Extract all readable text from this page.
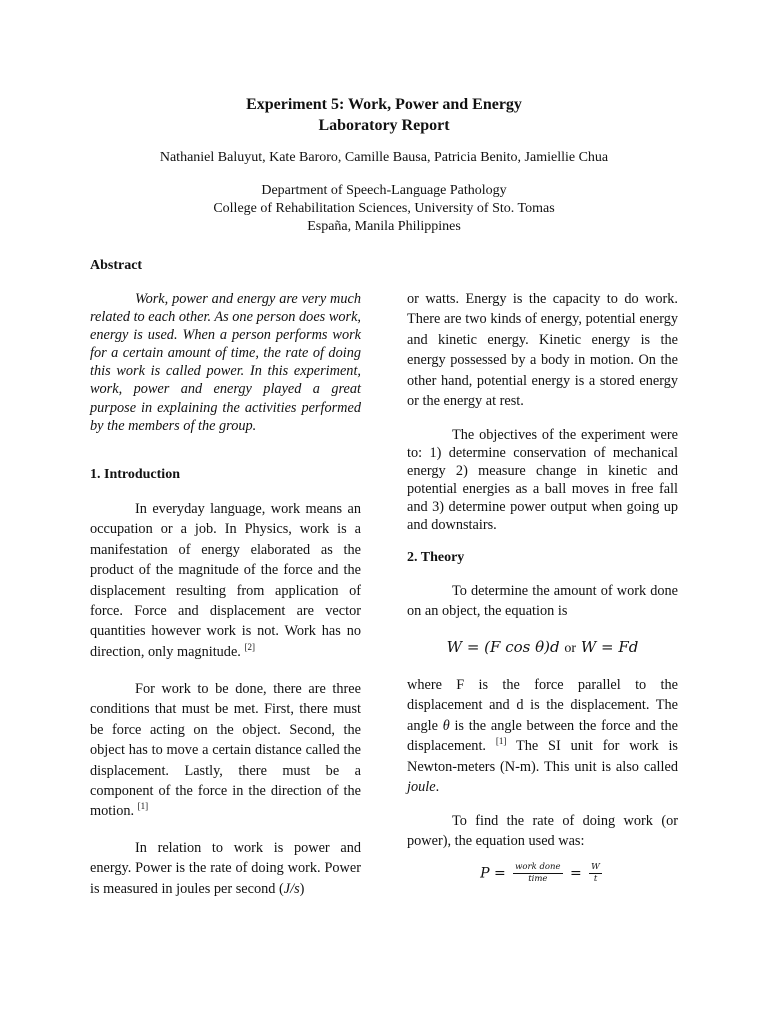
Experiment 5: Work, Power and Energy
Laboratory Report
Nathaniel Baluyut, Kate Baroro, Camille Bausa, Patricia Benito, Jamiellie Chua
Department of Speech-Language Pathology
College of Rehabilitation Sciences, University of Sto. Tomas
España, Manila Philippines
Abstract
Work, power and energy are very much related to each other. As one person does work, energy is used. When a person performs work for a certain amount of time, the rate of doing this work is called power. In this experiment, work, power and energy played a great purpose in explaining the activities performed by the members of the group.
1. Introduction
In everyday language, work means an occupation or a job. In Physics, work is a manifestation of energy elaborated as the product of the magnitude of the force and the displacement resulting from application of force. Force and displacement are vector quantities however work is not. Work has no direction, only magnitude. [2]
For work to be done, there are three conditions that must be met. First, there must be force acting on the object. Second, the object has to move a certain distance called the displacement. Lastly, there must be a component of the force in the direction of the motion. [1]
In relation to work is power and energy. Power is the rate of doing work. Power is measured in joules per second (J/s)
or watts. Energy is the capacity to do work. There are two kinds of energy, potential energy and kinetic energy. Kinetic energy is the energy possessed by a body in motion. On the other hand, potential energy is a stored energy or the energy at rest.
The objectives of the experiment were to: 1) determine conservation of mechanical energy 2) measure change in kinetic and potential energies as a ball moves in free fall and 3) determine power output when going up and downstairs.
2. Theory
To determine the amount of work done on an object, the equation is
W = (F cos θ)d or W = Fd
where F is the force parallel to the displacement and d is the displacement. The angle θ is the angle between the force and the displacement. [1] The SI unit for work is Newton-meters (N-m). This unit is also called joule.
To find the rate of doing work (or power), the equation used was:
$P = \frac{\text{work done}}{\text{time}} = \frac{W}{t}$
